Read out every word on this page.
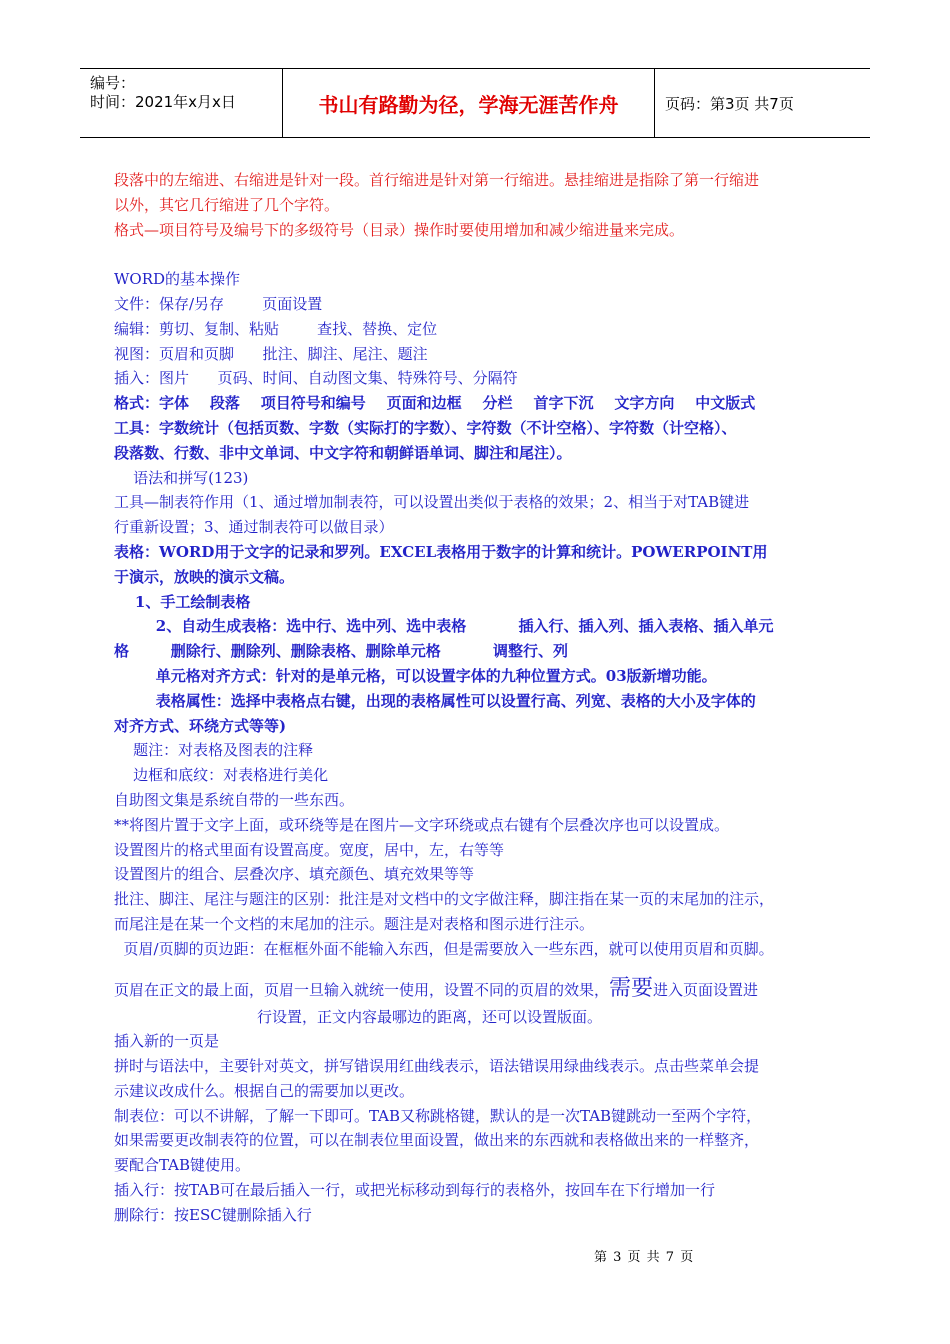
编号：
时间：2021年x月x日	书山有路勤为径，学海无涯苦作舟	页码：第3页 共7页
段落中的左缩进、右缩进是针对一段。首行缩进是针对第一行缩进。悬挂缩进是指除了第一行缩进
以外，其它几行缩进了几个字符。
格式—项目符号及编号下的多级符号（目录）操作时要使用增加和减少缩进量来完成。

WORD的基本操作
文件：保存/另存        页面设置
编辑：剪切、复制、粘贴        查找、替换、定位
视图：页眉和页脚      批注、脚注、尾注、题注
插入：图片      页码、时间、自动图文集、特殊符号、分隔符
格式：字体    段落    项目符号和编号    页面和边框    分栏    首字下沉    文字方向    中文版式
工具：字数统计（包括页数、字数（实际打的字数）、字符数（不计空格）、字符数（计空格）、
段落数、行数、非中文单词、中文字符和朝鲜语单词、脚注和尾注）。
语法和拼写(123)
工具—制表符作用（1、通过增加制表符，可以设置出类似于表格的效果；2、相当于对TAB键进
行重新设置；3、通过制表符可以做目录）
表格：WORD用于文字的记录和罗列。EXCEL表格用于数字的计算和统计。POWERPOINT用
于演示，放映的演示文稿。
1、手工绘制表格
2、自动生成表格：选中行、选中列、选中表格          插入行、插入列、插入表格、插入单元
格        删除行、删除列、删除表格、删除单元格          调整行、列
单元格对齐方式：针对的是单元格，可以设置字体的九种位置方式。03版新增功能。
表格属性：选择中表格点右键，出现的表格属性可以设置行高、列宽、表格的大小及字体的
对齐方式、环绕方式等等)
题注：对表格及图表的注释
边框和底纹：对表格进行美化
自助图文集是系统自带的一些东西。
**将图片置于文字上面，或环绕等是在图片—文字环绕或点右键有个层叠次序也可以设置成。
设置图片的格式里面有设置高度。宽度，居中，左，右等等
设置图片的组合、层叠次序、填充颜色、填充效果等等
批注、脚注、尾注与题注的区别：批注是对文档中的文字做注释，脚注指在某一页的末尾加的注示，
而尾注是在某一个文档的末尾加的注示。题注是对表格和图示进行注示。
页眉/页脚的页边距：在框框外面不能输入东西，但是需要放入一些东西，就可以使用页眉和页脚。
页眉在正文的最上面，页眉一旦输入就统一使用，设置不同的页眉的效果，需要进入页面设置进
行设置，正文内容最哪边的距离，还可以设置版面。
插入新的一页是
拼时与语法中，主要针对英文，拼写错误用红曲线表示，语法错误用绿曲线表示。点击些菜单会提
示建议改成什么。根据自己的需要加以更改。
制表位：可以不讲解，了解一下即可。TAB又称跳格键，默认的是一次TAB键跳动一至两个字符，
如果需要更改制表符的位置，可以在制表位里面设置，做出来的东西就和表格做出来的一样整齐，
要配合TAB键使用。
插入行：按TAB可在最后插入一行，或把光标移动到每行的表格外，按回车在下行增加一行
删除行：按ESC键删除插入行
第 3 页 共 7 页
